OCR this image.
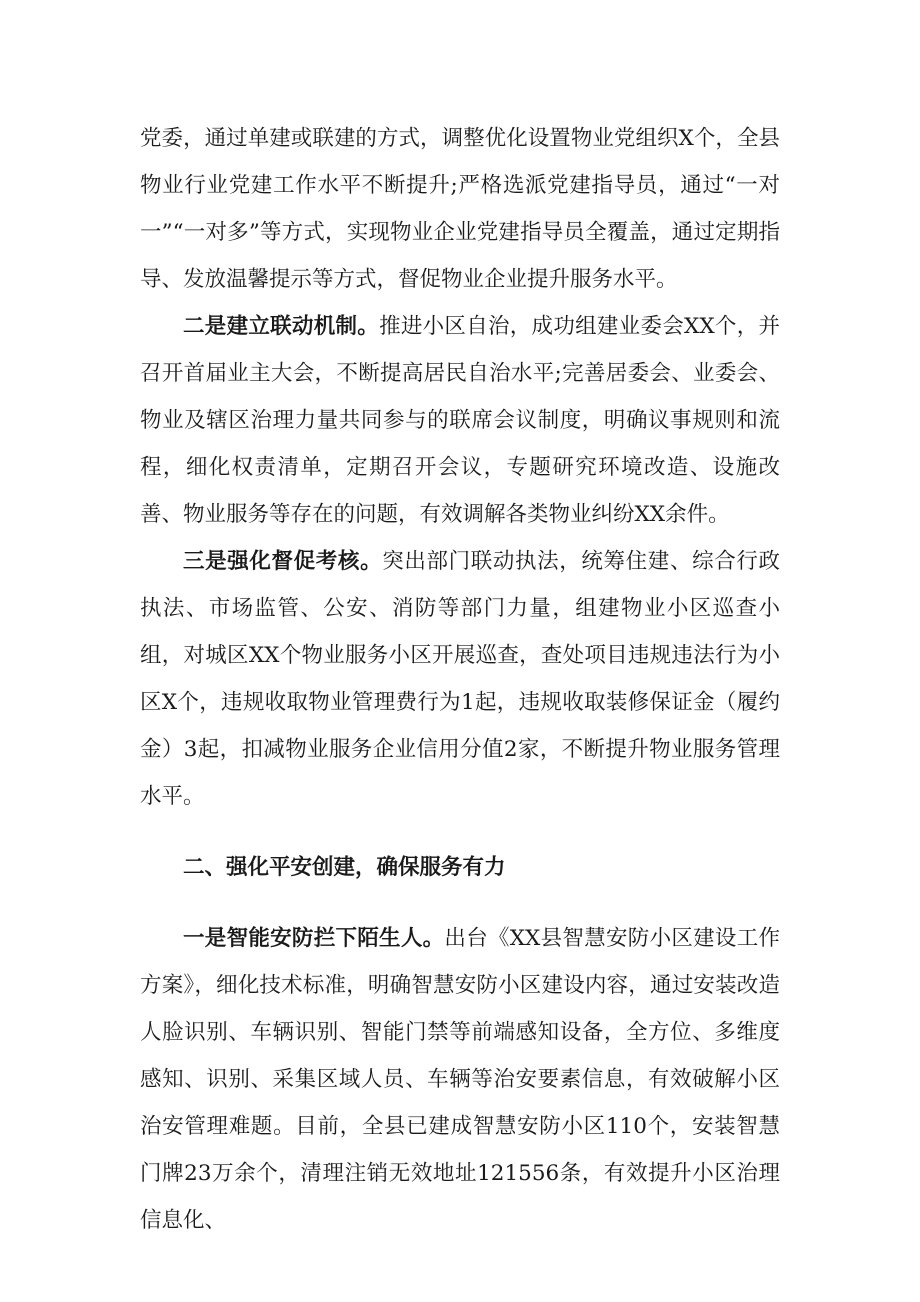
党委，通过单建或联建的方式，调整优化设置物业党组织X个，全县物业行业党建工作水平不断提升;严格选派党建指导员，通过“一对一”“一对多”等方式，实现物业企业党建指导员全覆盖，通过定期指导、发放温馨提示等方式，督促物业企业提升服务水平。

二是建立联动机制。推进小区自治，成功组建业委会XX个，并召开首届业主大会，不断提高居民自治水平;完善居委会、业委会、物业及辖区治理力量共同参与的联席会议制度，明确议事规则和流程，细化权责清单，定期召开会议，专题研究环境改造、设施改善、物业服务等存在的问题，有效调解各类物业纠纷XX余件。

三是强化督促考核。突出部门联动执法，统筹住建、综合行政执法、市场监管、公安、消防等部门力量，组建物业小区巡查小组，对城区XX个物业服务小区开展巡查，查处项目违规违法行为小区X个，违规收取物业管理费行为1起，违规收取装修保证金（履约金）3起，扣减物业服务企业信用分值2家，不断提升物业服务管理水平。

二、强化平安创建，确保服务有力

一是智能安防拦下陌生人。出台《XX县智慧安防小区建设工作方案》，细化技术标准，明确智慧安防小区建设内容，通过安装改造人脸识别、车辆识别、智能门禁等前端感知设备，全方位、多维度感知、识别、采集区域人员、车辆等治安要素信息，有效破解小区治安管理难题。目前，全县已建成智慧安防小区110个，安装智慧门牌23万余个，清理注销无效地址121556条，有效提升小区治理信息化、
